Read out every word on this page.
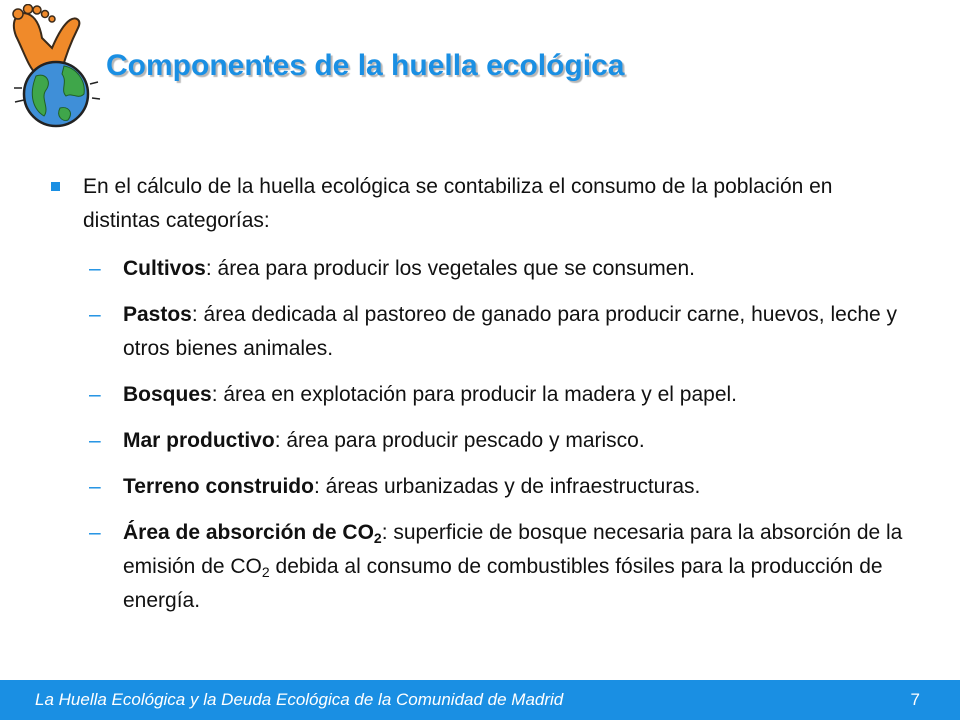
Componentes de la huella ecológica
En el cálculo de la huella ecológica se contabiliza el consumo de la población en distintas categorías:
– Cultivos: área para producir los vegetales que se consumen.
– Pastos: área dedicada al pastoreo de ganado para producir carne, huevos, leche y otros bienes animales.
– Bosques: área en explotación para producir la madera y el papel.
– Mar productivo: área para producir pescado y marisco.
– Terreno construido: áreas urbanizadas y de infraestructuras.
– Área de absorción de $CO_2$: superficie de bosque necesaria para la absorción de la emisión de $CO_2$ debida al consumo de combustibles fósiles para la producción de energía.
La Huella Ecológica y la Deuda Ecológica de la Comunidad de Madrid	7
